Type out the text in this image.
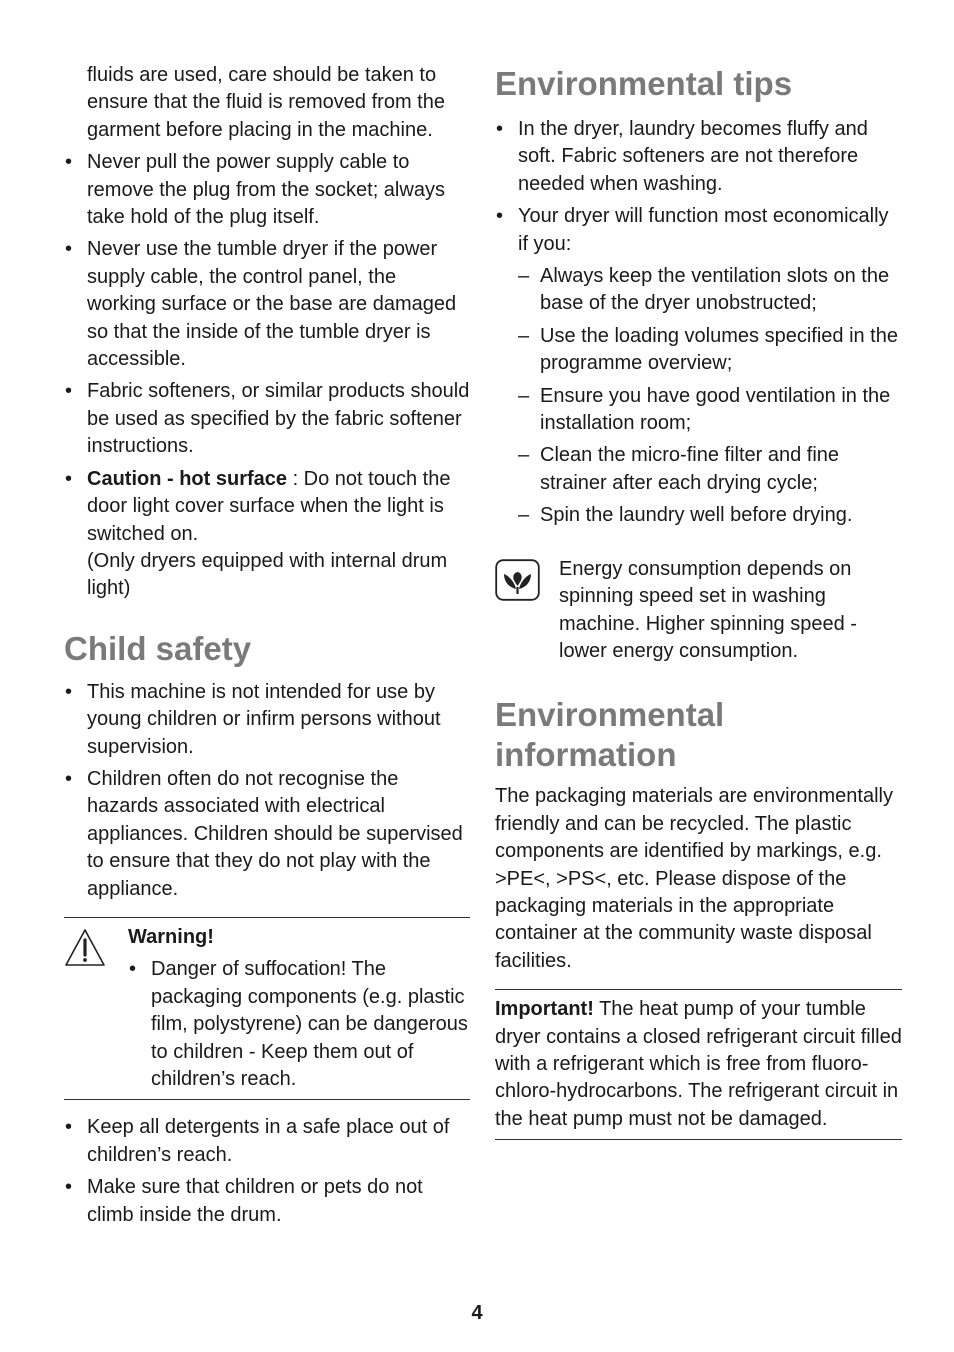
fluids are used, care should be taken to ensure that the fluid is removed from the garment before placing in the machine.

• Never pull the power supply cable to remove the plug from the socket; always take hold of the plug itself.
• Never use the tumble dryer if the power supply cable, the control panel, the working surface or the base are damaged so that the inside of the tumble dryer is accessible.
• Fabric softeners, or similar products should be used as specified by the fabric softener instructions.
• Caution - hot surface : Do not touch the door light cover surface when the light is switched on.
(Only dryers equipped with internal drum light)
Child safety
• This machine is not intended for use by young children or infirm persons without supervision.
• Children often do not recognise the hazards associated with electrical appliances. Children should be supervised to ensure that they do not play with the appliance.
Warning!
• Danger of suffocation! The packaging components (e.g. plastic film, polystyrene) can be dangerous to children - Keep them out of children’s reach.
• Keep all detergents in a safe place out of children’s reach.
• Make sure that children or pets do not climb inside the drum.
Environmental tips
• In the dryer, laundry becomes fluffy and soft. Fabric softeners are not therefore needed when washing.
• Your dryer will function most economically if you:
– Always keep the ventilation slots on the base of the dryer unobstructed;
– Use the loading volumes specified in the programme overview;
– Ensure you have good ventilation in the installation room;
– Clean the micro-fine filter and fine strainer after each drying cycle;
– Spin the laundry well before drying.

Energy consumption depends on spinning speed set in washing machine. Higher spinning speed - lower energy consumption.

Environmental information

The packaging materials are environmentally friendly and can be recycled. The plastic components are identified by markings, e.g. >PE<, >PS<, etc. Please dispose of the packaging materials in the appropriate container at the community waste disposal facilities.

Important! The heat pump of your tumble dryer contains a closed refrigerant circuit filled with a refrigerant which is free from fluoro-chloro-hydrocarbons. The refrigerant circuit in the heat pump must not be damaged.
4
